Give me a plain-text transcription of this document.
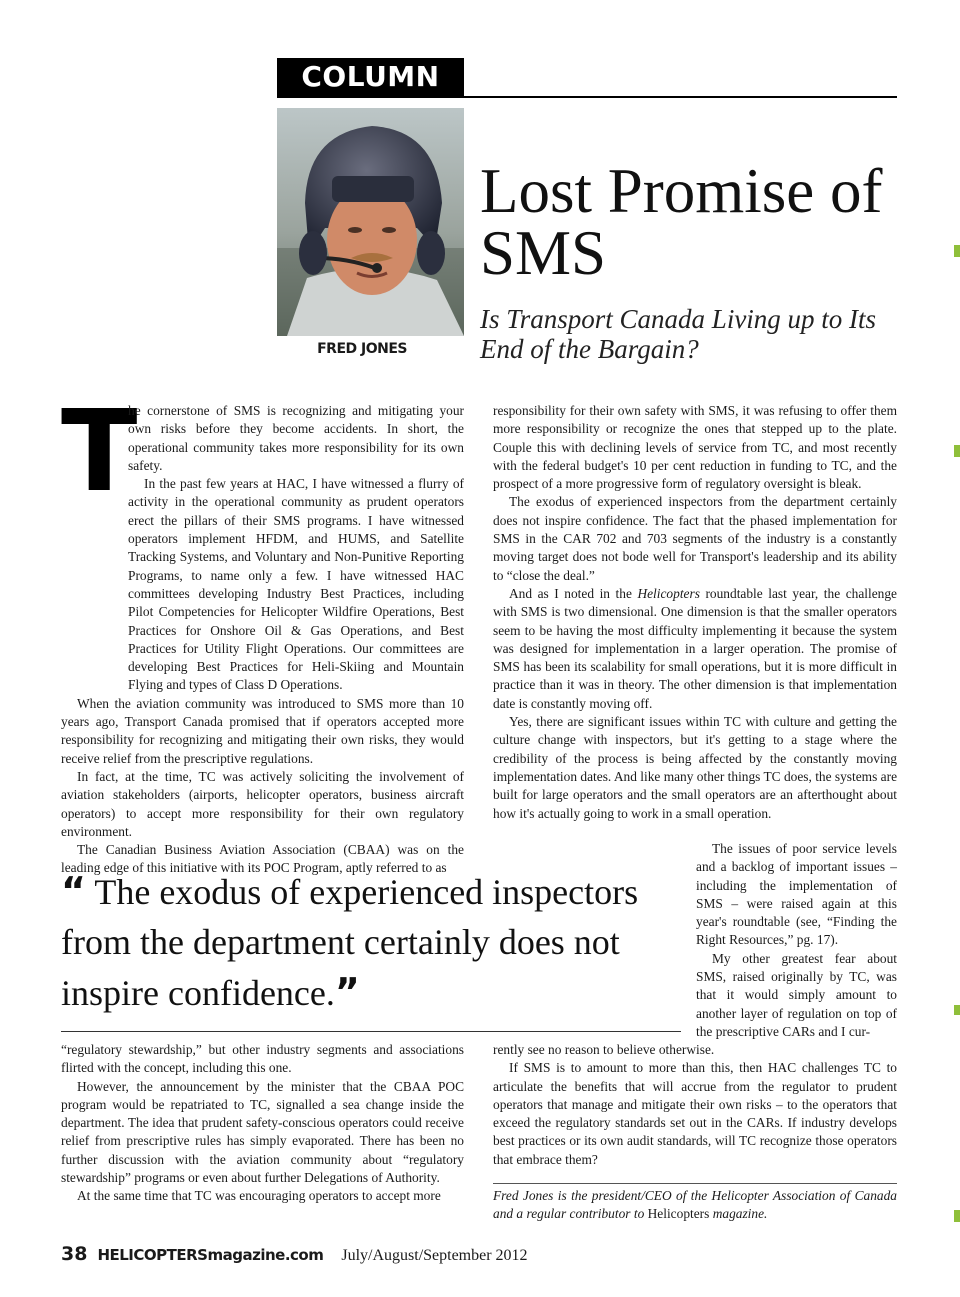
COLUMN
FRED JONES
Lost Promise of SMS
Is Transport Canada Living up to Its End of the Bargain?
T

he cornerstone of SMS is recognizing and mitigating your own risks before they become accidents. In short, the operational community takes more responsibility for its own safety.

In the past few years at HAC, I have witnessed a flurry of activity in the operational community as prudent operators erect the pillars of their SMS programs. I have witnessed operators implement HFDM, and HUMS, and Satellite Tracking Systems, and Voluntary and Non-Punitive Reporting Programs, to name only a few. I have witnessed HAC committees developing Industry Best Practices, including Pilot Competencies for Helicopter Wildfire Operations, Best Practices for Onshore Oil & Gas Operations, and Best Practices for Utility Flight Operations. Our committees are developing Best Practices for Heli-Skiing and Mountain Flying and types of Class D Operations.

When the aviation community was introduced to SMS more than 10 years ago, Transport Canada promised that if operators accepted more responsibility for recognizing and mitigating their own risks, they would receive relief from the prescriptive regulations.

In fact, at the time, TC was actively soliciting the involvement of aviation stakeholders (airports, helicopter operators, business aircraft operators) to accept more responsibility for their own regulatory environment.

The Canadian Business Aviation Association (CBAA) was on the leading edge of this initiative with its POC Program, aptly referred to as

responsibility for their own safety with SMS, it was refusing to offer them more responsibility or recognize the ones that stepped up to the plate. Couple this with declining levels of service from TC, and most recently with the federal budget's 10 per cent reduction in funding to TC, and the prospect of a more progressive form of regulatory oversight is bleak.

The exodus of experienced inspectors from the department certainly does not inspire confidence. The fact that the phased implementation for SMS in the CAR 702 and 703 segments of the industry is a constantly moving target does not bode well for Transport's leadership and its ability to “close the deal.”

And as I noted in the Helicopters roundtable last year, the challenge with SMS is two dimensional. One dimension is that the smaller operators seem to be having the most difficulty implementing it because the system was designed for implementation in a larger operation. The promise of SMS has been its scalability for small operations, but it is more difficult in practice than it was in theory. The other dimension is that implementation date is constantly moving off.

Yes, there are significant issues within TC with culture and getting the culture change with inspectors, but it's getting to a stage where the credibility of the process is being affected by the constantly moving implementation dates. And like many other things TC does, the systems are built for large operators and the small operators are an afterthought about how it's actually going to work in a small operation.

The issues of poor service levels and a backlog of important issues – including the implementation of SMS – were raised again at this year's roundtable (see, “Finding the Right Resources,” pg. 17).

My other greatest fear about SMS, raised originally by TC, was that it would simply amount to another layer of regulation on top of the prescriptive CARs and I cur-

“ The exodus of experienced inspectors from the department certainly does not inspire confidence.”

“regulatory stewardship,” but other industry segments and associations flirted with the concept, including this one.

However, the announcement by the minister that the CBAA POC program would be repatriated to TC, signalled a sea change inside the department. The idea that prudent safety-conscious operators could receive relief from prescriptive rules has simply evaporated. There has been no further discussion with the aviation community about “regulatory stewardship” programs or even about further Delegations of Authority.

At the same time that TC was encouraging operators to accept more

rently see no reason to believe otherwise.

If SMS is to amount to more than this, then HAC challenges TC to articulate the benefits that will accrue from the regulator to prudent operators that manage and mitigate their own risks – to the operators that exceed the regulatory standards set out in the CARs. If industry develops best practices or its own audit standards, will TC recognize those operators that embrace them?

Fred Jones is the president/CEO of the Helicopter Association of Canada and a regular contributor to Helicopters magazine.
38 HELICOPTERSmagazine.com July/August/September 2012
